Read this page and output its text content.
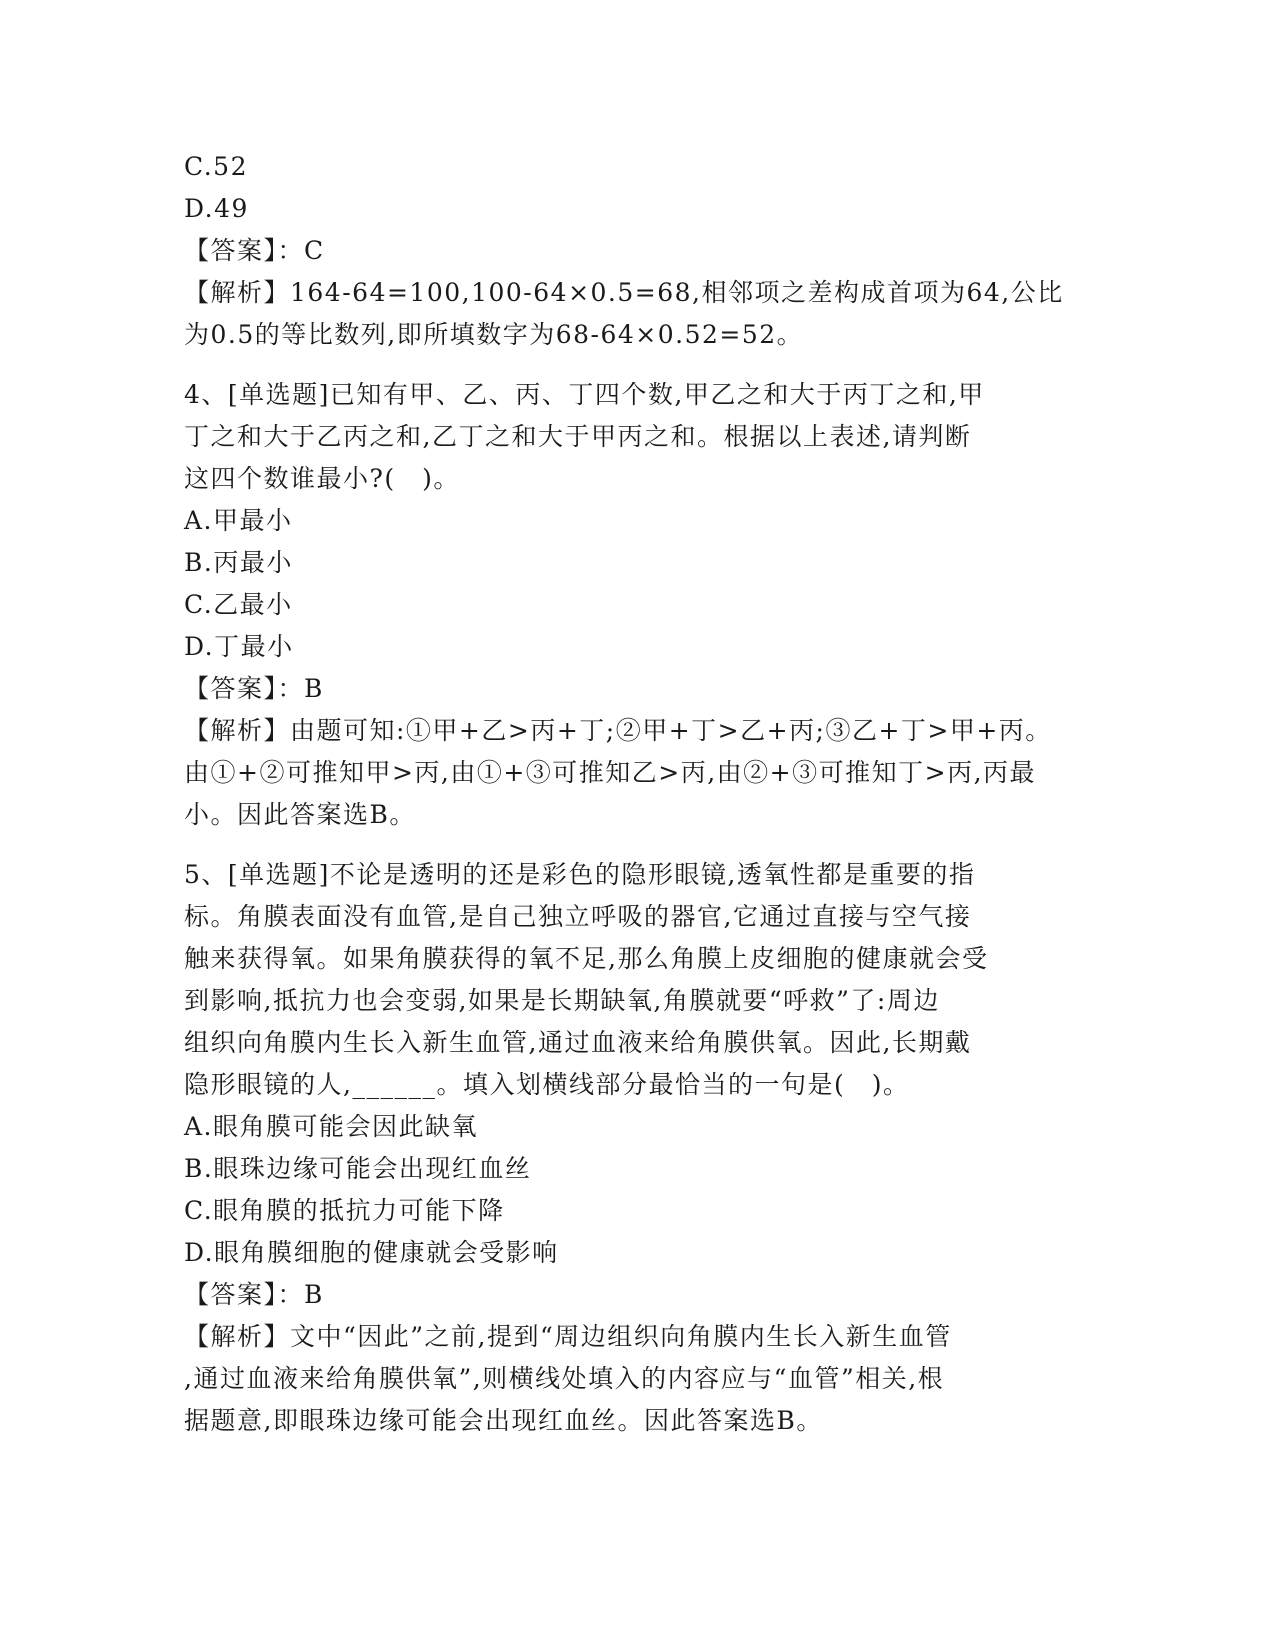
C.52
D.49
【答案】：C
【解析】164-64=100,100-64×0.5=68,相邻项之差构成首项为64,公比
为0.5的等比数列,即所填数字为68-64×0.52=52。
4、[单选题]已知有甲、乙、丙、丁四个数,甲乙之和大于丙丁之和,甲
丁之和大于乙丙之和,乙丁之和大于甲丙之和。根据以上表述,请判断
这四个数谁最小?(　)。
A.甲最小
B.丙最小
C.乙最小
D.丁最小
【答案】：B
【解析】由题可知:①甲+乙>丙+丁;②甲+丁>乙+丙;③乙+丁>甲+丙。
由①+②可推知甲>丙,由①+③可推知乙>丙,由②+③可推知丁>丙,丙最
小。因此答案选B。
5、[单选题]不论是透明的还是彩色的隐形眼镜,透氧性都是重要的指
标。角膜表面没有血管,是自己独立呼吸的器官,它通过直接与空气接
触来获得氧。如果角膜获得的氧不足,那么角膜上皮细胞的健康就会受
到影响,抵抗力也会变弱,如果是长期缺氧,角膜就要“呼救”了:周边
组织向角膜内生长入新生血管,通过血液来给角膜供氧。因此,长期戴
隐形眼镜的人,______。填入划横线部分最恰当的一句是(　)。
A.眼角膜可能会因此缺氧
B.眼珠边缘可能会出现红血丝
C.眼角膜的抵抗力可能下降
D.眼角膜细胞的健康就会受影响
【答案】：B
【解析】文中“因此”之前,提到“周边组织向角膜内生长入新生血管
,通过血液来给角膜供氧”,则横线处填入的内容应与“血管”相关,根
据题意,即眼珠边缘可能会出现红血丝。因此答案选B。
